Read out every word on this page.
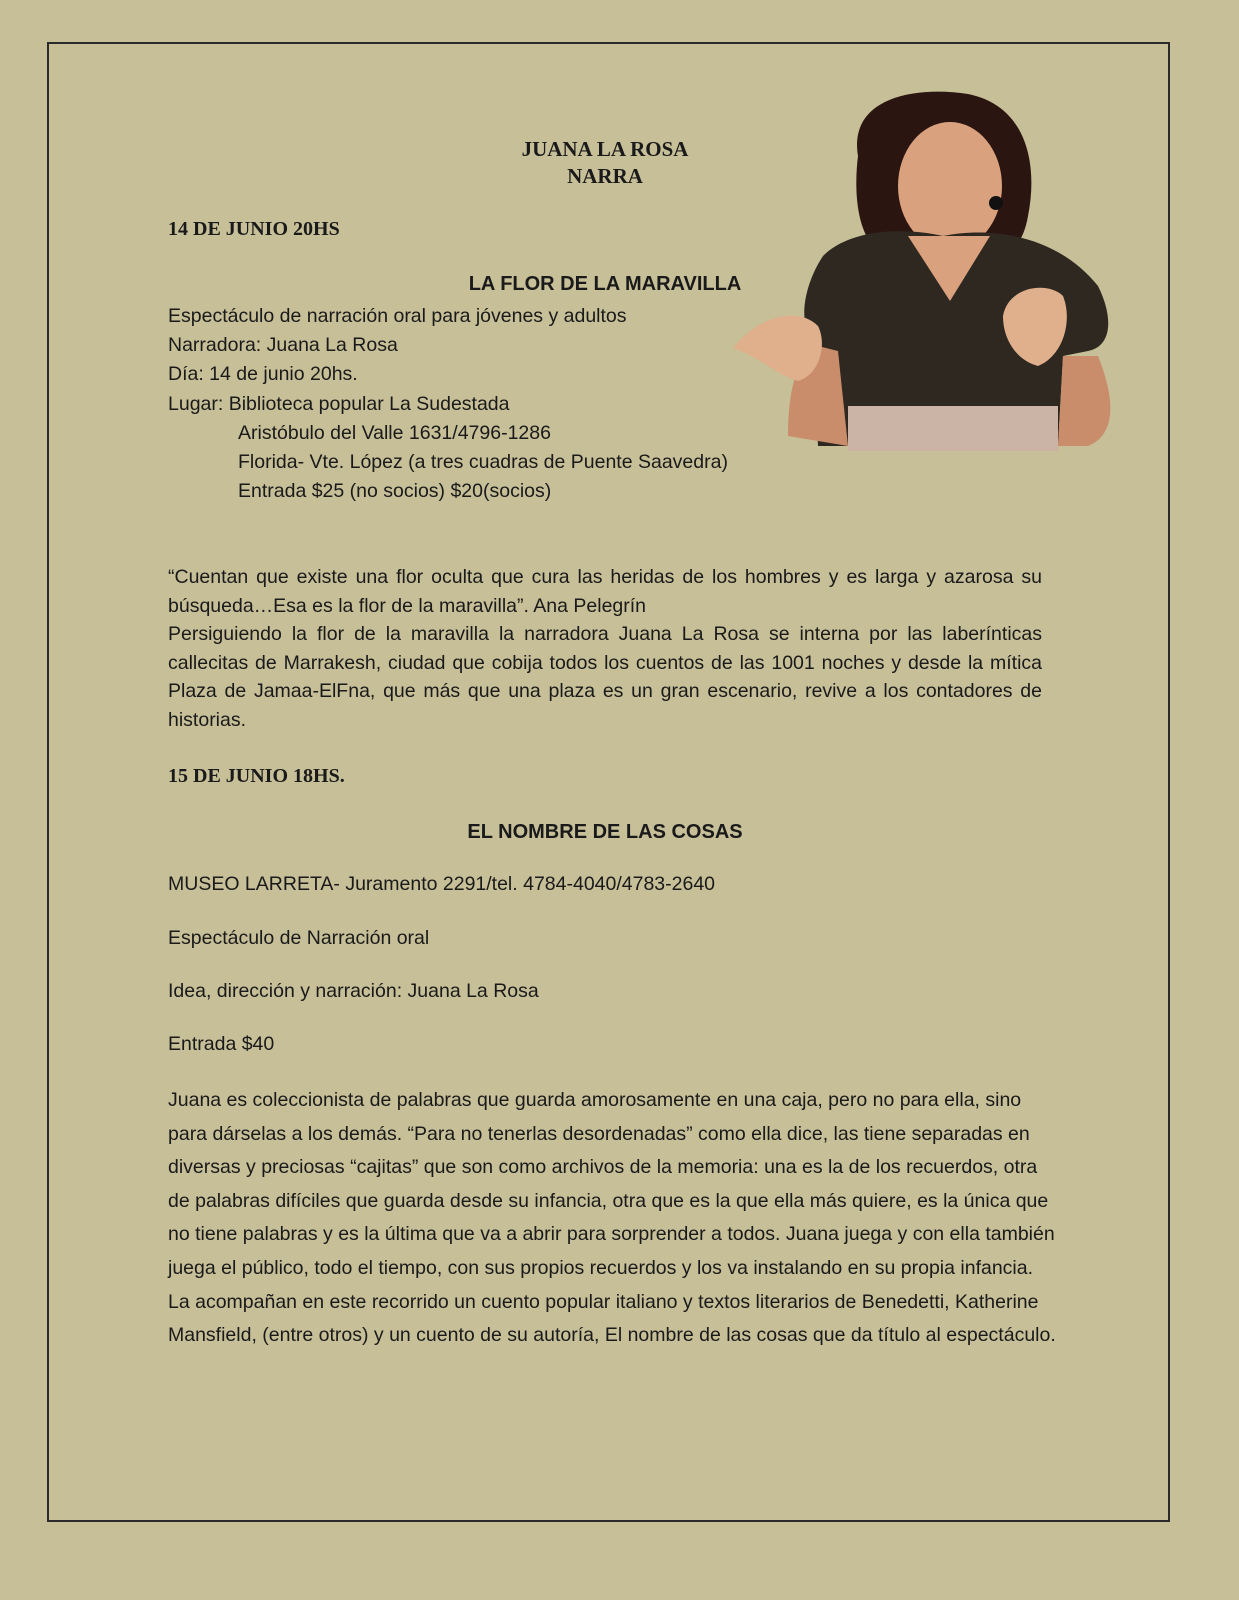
JUANA LA ROSA
NARRA
14 DE JUNIO 20HS
LA FLOR DE LA MARAVILLA
Espectáculo de narración oral para jóvenes y adultos
Narradora: Juana La Rosa
Día: 14 de junio 20hs.
Lugar: Biblioteca popular La Sudestada
Aristóbulo del Valle 1631/4796-1286
Florida- Vte. López (a tres cuadras de Puente Saavedra)
Entrada $25 (no socios) $20(socios)

“Cuentan que existe una flor oculta que cura las heridas de los hombres y es larga y azarosa su búsqueda…Esa es la flor de la maravilla”. Ana Pelegrín

Persiguiendo la flor de la maravilla la narradora Juana La Rosa se interna por las laberínticas callecitas de Marrakesh, ciudad que cobija todos los cuentos de las 1001 noches y desde la mítica Plaza de Jamaa-ElFna, que más que una plaza es un gran escenario, revive a los contadores de historias.

15 DE JUNIO 18HS.
EL NOMBRE DE LAS COSAS
MUSEO LARRETA- Juramento 2291/tel. 4784-4040/4783-2640
Espectáculo de Narración oral
Idea, dirección y narración: Juana La Rosa
Entrada $40
Juana es coleccionista de palabras que guarda amorosamente en una caja, pero no para ella, sino para dárselas a los demás. “Para no tenerlas desordenadas” como ella dice, las tiene separadas en diversas y preciosas “cajitas” que son como archivos de la memoria: una es la de los recuerdos, otra de palabras difíciles que guarda desde su infancia, otra que es la que ella más quiere, es la única que no tiene palabras y es la última que va a abrir para sorprender a todos. Juana juega y con ella también juega el público, todo el tiempo, con sus propios recuerdos y los va instalando en su propia infancia. La acompañan en este recorrido un cuento popular italiano y textos literarios de Benedetti, Katherine Mansfield, (entre otros) y un cuento de su autoría, El nombre de las cosas que da título al espectáculo.
